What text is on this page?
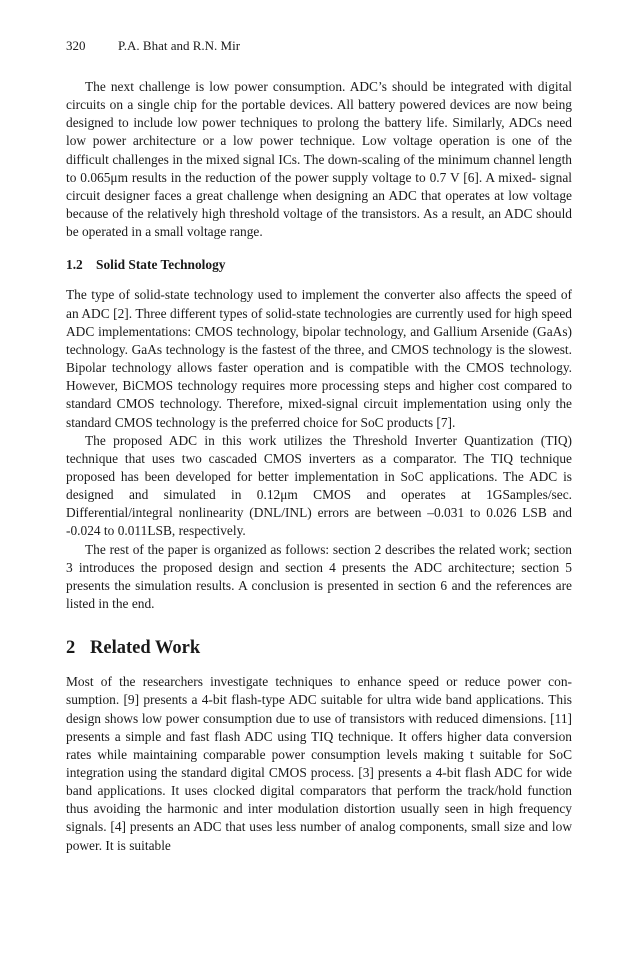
320	P.A. Bhat and R.N. Mir

The next challenge is low power consumption. ADC’s should be integrated with digital circuits on a single chip for the portable devices. All battery powered devices are now being designed to include low power techniques to prolong the battery life. Similarly, ADCs need low power architecture or a low power technique. Low voltage operation is one of the difficult challenges in the mixed signal ICs. The down-scaling of the minimum channel length to 0.065μm results in the reduction of the power supply voltage to 0.7 V [6]. A mixed- signal circuit designer faces a great challenge when designing an ADC that operates at low voltage because of the relatively high threshold voltage of the transistors. As a result, an ADC should be operated in a small voltage range.

1.2 Solid State Technology

The type of solid-state technology used to implement the converter also affects the speed of an ADC [2]. Three different types of solid-state technologies are currently used for high speed ADC implementations: CMOS technology, bipolar technology, and Gallium Arsenide (GaAs) technology. GaAs technology is the fastest of the three, and CMOS technology is the slowest. Bipolar technology allows faster operation and is compatible with the CMOS technology. However, BiCMOS technology requires more processing steps and higher cost compared to standard CMOS technology. Therefore, mixed-signal circuit implementation using only the standard CMOS technology is the preferred choice for SoC products [7].

The proposed ADC in this work utilizes the Threshold Inverter Quantization (TIQ) technique that uses two cascaded CMOS inverters as a comparator. The TIQ technique proposed has been developed for better implementation in SoC applications. The ADC is designed and simulated in 0.12μm CMOS and operates at 1GSamples/sec. Differential/integral nonlinearity (DNL/INL) errors are between –0.031 to 0.026 LSB and -0.024 to 0.011LSB, respectively.

The rest of the paper is organized as follows: section 2 describes the related work; section 3 introduces the proposed design and section 4 presents the ADC architecture; section 5 presents the simulation results. A conclusion is presented in section 6 and the references are listed in the end.

2 Related Work

Most of the researchers investigate techniques to enhance speed or reduce power consumption. [9] presents a 4-bit flash-type ADC suitable for ultra wide band applications. This design shows low power consumption due to use of transistors with reduced dimensions. [11] presents a simple and fast flash ADC using TIQ technique. It offers higher data conversion rates while maintaining comparable power consumption levels making t suitable for SoC integration using the standard digital CMOS process. [3] presents a 4-bit flash ADC for wide band applications. It uses clocked digital comparators that perform the track/hold function thus avoiding the harmonic and inter modulation distortion usually seen in high frequency signals. [4] presents an ADC that uses less number of analog components, small size and low power. It is suitable
